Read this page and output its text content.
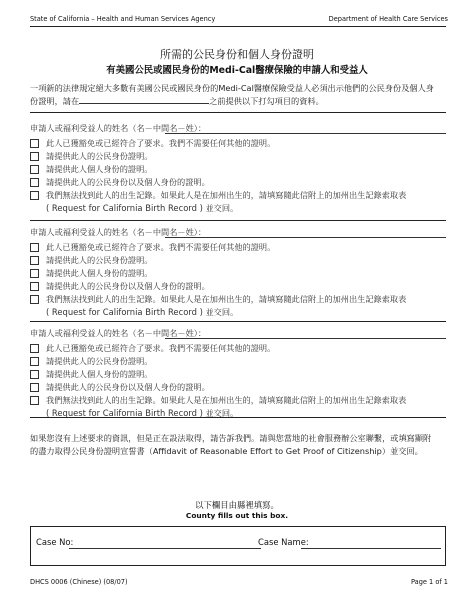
State of California – Health and Human Services Agency	Department of Health Care Services
所需的公民身份和個人身份證明
有美國公民或國民身份的Medi-Cal醫療保險的申請人和受益人
一項新的法律規定絕大多數有美國公民或國民身份的Medi-Cal醫療保險受益人必須出示他們的公民身份及個人身
份證明，請在	之前提供以下打勾項目的資料。
申請人或福利受益人的姓名（名－中間名－姓）：
此人已獲豁免或已經符合了要求。我們不需要任何其他的證明。
請提供此人的公民身份證明。
請提供此人個人身份的證明。
請提供此人的公民身份以及個人身份的證明。
我們無法找到此人的出生記錄。如果此人是在加州出生的，請填寫隨此信附上的加州出生記錄索取表
( Request for California Birth Record ) 並交回。
申請人或福利受益人的姓名（名－中間名－姓）：
此人已獲豁免或已經符合了要求。我們不需要任何其他的證明。
請提供此人的公民身份證明。
請提供此人個人身份的證明。
請提供此人的公民身份以及個人身份的證明。
我們無法找到此人的出生記錄。如果此人是在加州出生的，請填寫隨此信附上的加州出生記錄索取表
( Request for California Birth Record ) 並交回。
申請人或福利受益人的姓名（名－中間名－姓）：
此人已獲豁免或已經符合了要求。我們不需要任何其他的證明。
請提供此人的公民身份證明。
請提供此人個人身份的證明。
請提供此人的公民身份以及個人身份的證明。
我們無法找到此人的出生記錄。如果此人是在加州出生的，請填寫隨此信附上的加州出生記錄索取表
( Request for California Birth Record ) 並交回。
如果您沒有上述要求的資訊，但是正在設法取得，請告訴我們。請與您當地的社會服務辦公室聯繫，或填寫顯附
的盡力取得公民身份證明宣誓書（Affidavit of Reasonable Effort to Get Proof of Citizenship）並交回。
以下欄目由縣裡填寫。
County fills out this box.
Case No:	Case Name:
DHCS 0006 (Chinese) (08/07)	Page 1 of 1
